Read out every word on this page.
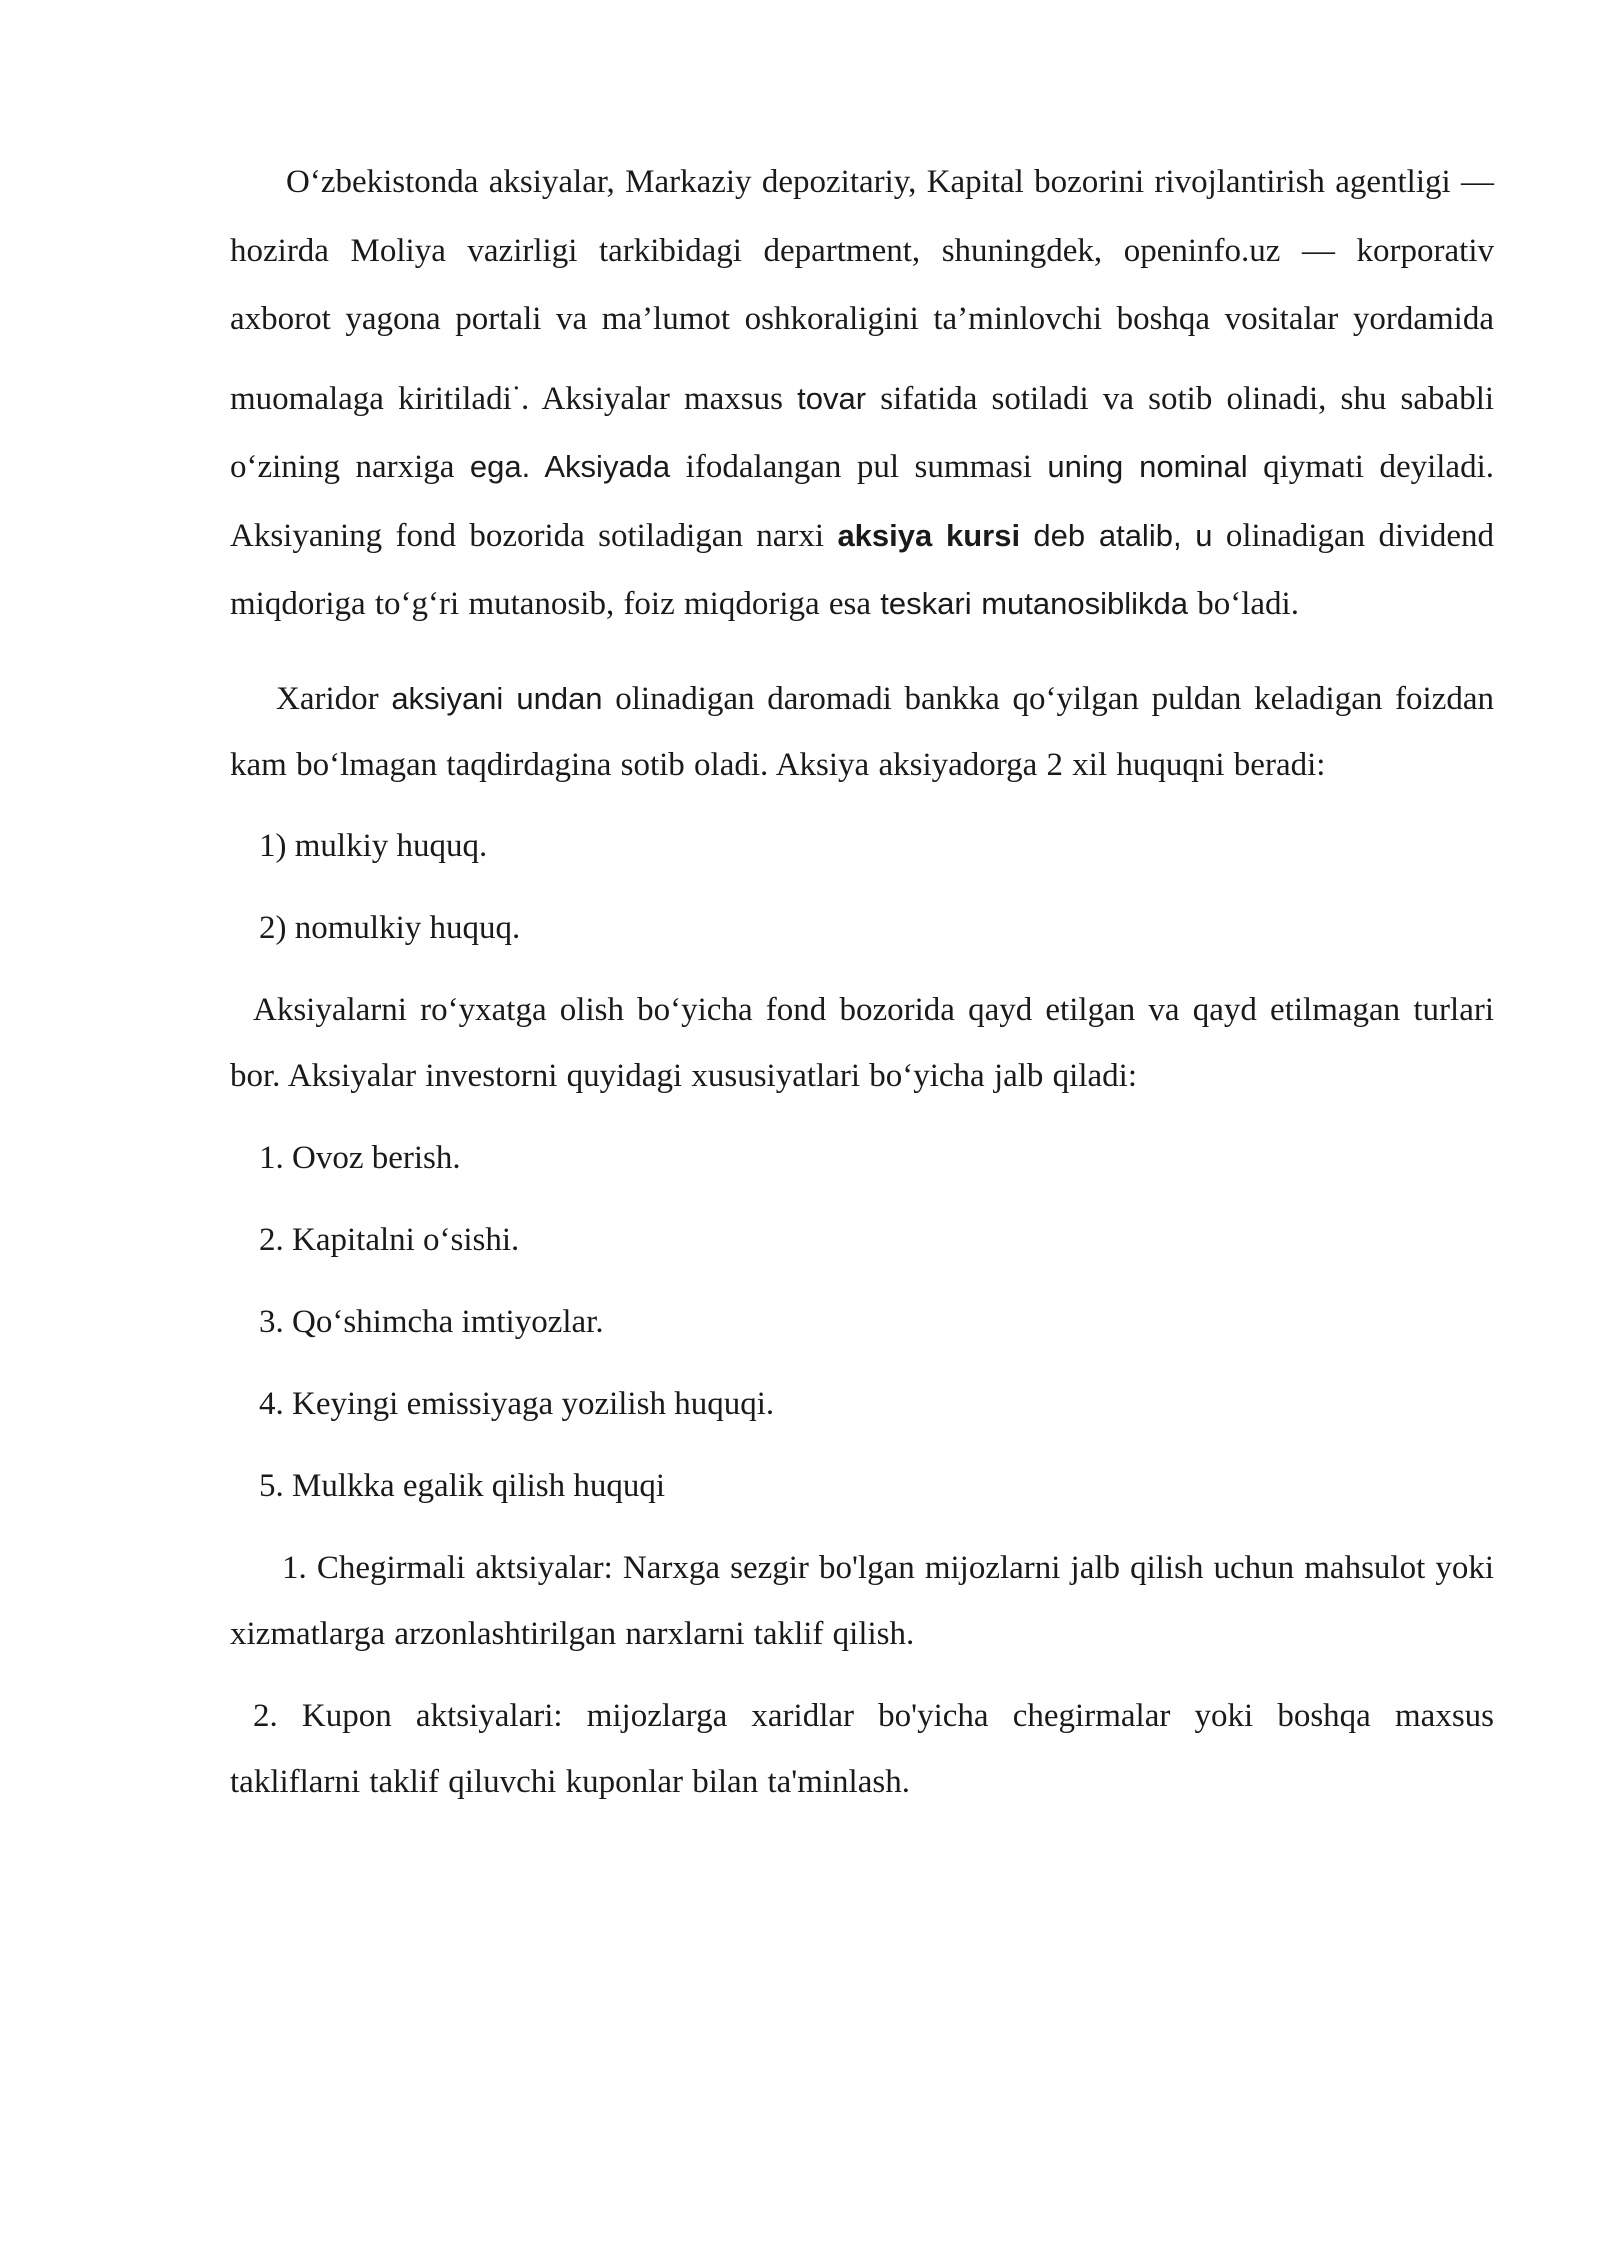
O‘zbekistonda aksiyalar, Markaziy depozitariy, Kapital bozorini rivojlantirish agentligi — hozirda Moliya vazirligi tarkibidagi department, shuningdek, openinfo.uz — korporativ axborot yagona portali va ma’lumot oshkoraligini ta’minlovchi boshqa vositalar yordamida muomalaga kiritiladi·. Aksiyalar maxsus tovar sifatida sotiladi va sotib olinadi, shu sababli o‘zining narxiga ega. Aksiyada ifodalangan pul summasi uning nominal qiymati deyiladi. Aksiyaning fond bozorida sotiladigan narxi aksiya kursi deb atalib, u olinadigan dividend miqdoriga to‘g‘ri mutanosib, foiz miqdoriga esa teskari mutanosiblikda bo‘ladi.

Xaridor aksiyani undan olinadigan daromadi bankka qo‘yilgan puldan keladigan foizdan kam bo‘lmagan taqdirdagina sotib oladi. Aksiya aksiyadorga 2 xil huquqni beradi:

1) mulkiy huquq.

2) nomulkiy huquq.

Aksiyalarni ro‘yxatga olish bo‘yicha fond bozorida qayd etilgan va qayd etilmagan turlari bor. Aksiyalar investorni quyidagi xususiyatlari bo‘yicha jalb qiladi:

1. Ovoz berish.

2. Kapitalni o‘sishi.

3. Qo‘shimcha imtiyozlar.

4. Keyingi emissiyaga yozilish huquqi.

5. Mulkka egalik qilish huquqi

1. Chegirmali aktsiyalar: Narxga sezgir bo'lgan mijozlarni jalb qilish uchun mahsulot yoki xizmatlarga arzonlashtirilgan narxlarni taklif qilish.

2. Kupon aktsiyalari: mijozlarga xaridlar bo'yicha chegirmalar yoki boshqa maxsus takliflarni taklif qiluvchi kuponlar bilan ta'minlash.
